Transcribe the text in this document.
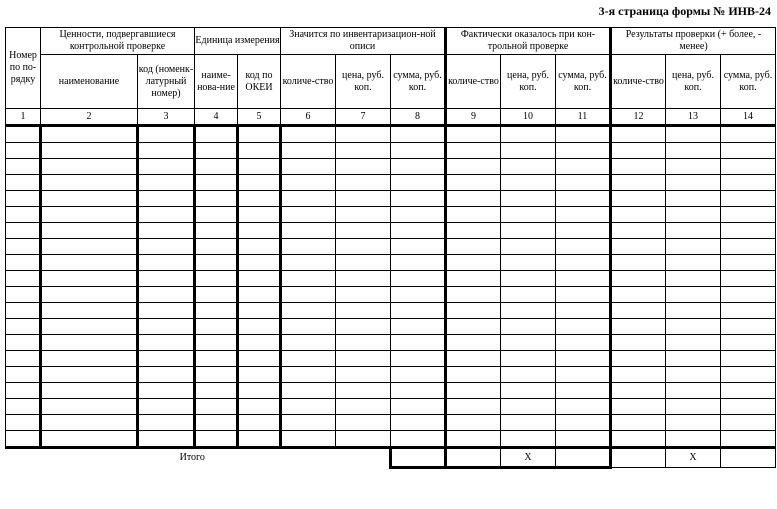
3-я страница формы № ИНВ-24
Номер по по-рядку	Ценности, подвергавшиеся контрольной проверке		Единица измерения		Значится по инвентаризацион-ной описи			Фактически оказалось при кон-трольной проверке			Результаты проверки (+ более, - менее)		
	наименование	код (номенк-латурный номер)	наиме-нова-ние	код по ОКЕИ	количе-ство	цена, руб. коп.	сумма, руб. коп.	количе-ство	цена, руб. коп.	сумма, руб. коп.	количе-ство	цена, руб. коп.	сумма, руб. коп.
1	2	3	4	5	6	7	8	9	10	11	12	13	14

Итого									X			X	
